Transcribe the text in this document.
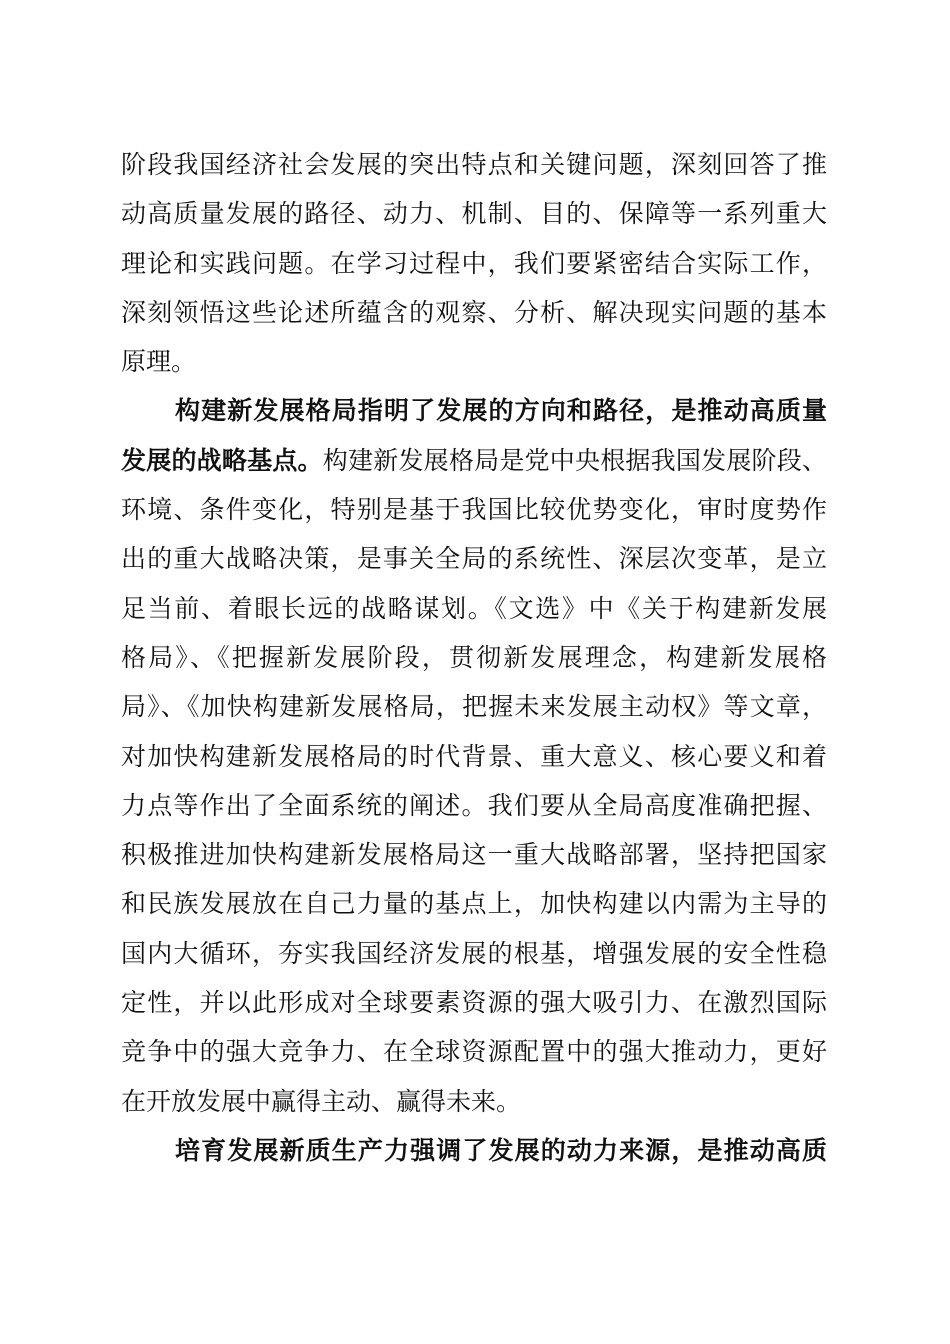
阶段我国经济社会发展的突出特点和关键问题，深刻回答了推
动高质量发展的路径、动力、机制、目的、保障等一系列重大
理论和实践问题。在学习过程中，我们要紧密结合实际工作，
深刻领悟这些论述所蕴含的观察、分析、解决现实问题的基本
原理。
构建新发展格局指明了发展的方向和路径，是推动高质量
发展的战略基点。构建新发展格局是党中央根据我国发展阶段、
环境、条件变化，特别是基于我国比较优势变化，审时度势作
出的重大战略决策，是事关全局的系统性、深层次变革，是立
足当前、着眼长远的战略谋划。《文选》中《关于构建新发展
格局》、《把握新发展阶段，贯彻新发展理念，构建新发展格
局》、《加快构建新发展格局，把握未来发展主动权》等文章，
对加快构建新发展格局的时代背景、重大意义、核心要义和着
力点等作出了全面系统的阐述。我们要从全局高度准确把握、
积极推进加快构建新发展格局这一重大战略部署，坚持把国家
和民族发展放在自己力量的基点上，加快构建以内需为主导的
国内大循环，夯实我国经济发展的根基，增强发展的安全性稳
定性，并以此形成对全球要素资源的强大吸引力、在激烈国际
竞争中的强大竞争力、在全球资源配置中的强大推动力，更好
在开放发展中赢得主动、赢得未来。
培育发展新质生产力强调了发展的动力来源，是推动高质
